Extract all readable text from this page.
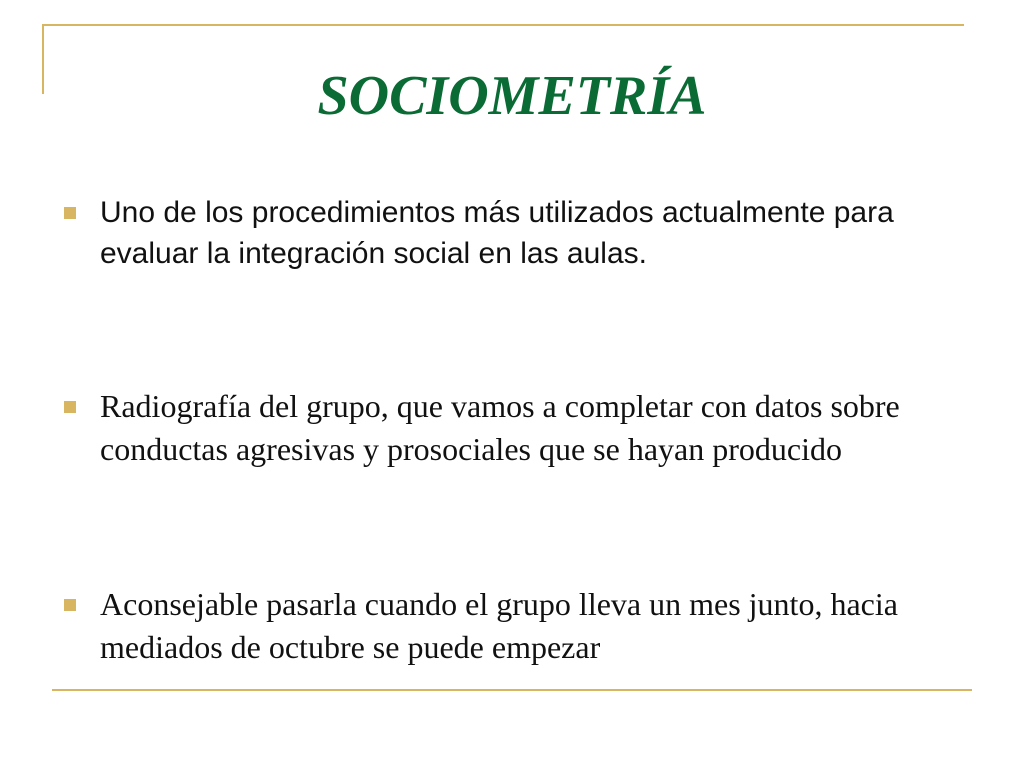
SOCIOMETRÍA
Uno de los procedimientos más utilizados actualmente para evaluar la integración social en las aulas.
Radiografía del grupo, que vamos a completar con datos sobre conductas agresivas y prosociales que se hayan producido
Aconsejable pasarla cuando el grupo lleva un mes junto, hacia mediados de octubre se puede empezar
